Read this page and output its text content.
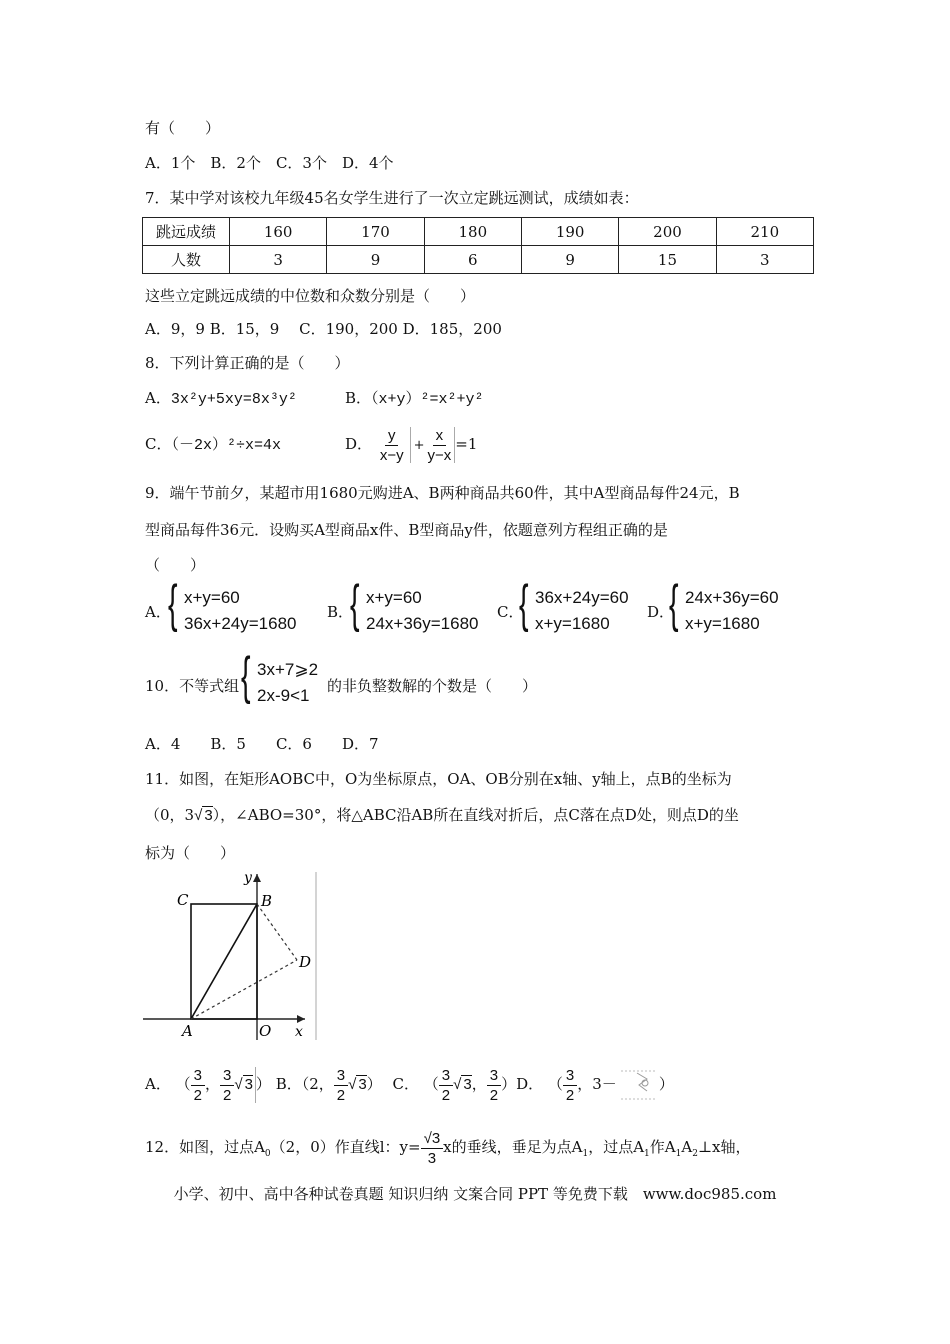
有（　　）
A．1个　B．2个　C．3个　D．4个
7．某中学对该校九年级45名女学生进行了一次立定跳远测试，成绩如表：
跳远成绩	160	170	180	190	200	210
人数	3	9	6	9	15	3
这些立定跳远成绩的中位数和众数分别是（　　）
A．9，9 B．15，9　 C．190，200 D．185，200
8．下列计算正确的是（　　）
A．3x²y+5xy=8x³y²	B．（x+y）²=x²+y²
C．（－2x）²÷x=4x	D． $\frac{y}{x-y} + \frac{x}{y-x} =1$
9．端午节前夕，某超市用1680元购进A、B两种商品共60件，其中A型商品每件24元，B
型商品每件36元．设购买A型商品x件、B型商品y件，依题意列方程组正确的是
（　　）
A．
{ x+y=60
36x+24y=1680
B．
{ x+y=60
24x+36y=1680
C．
{ 36x+24y=60
x+y=1680
D．
{ 24x+36y=60
x+y=1680
10．不等式组 { 3x+7⩾2
2x-9<1 的非负整数解的个数是（　　）
A．4　　B．5　　C．6　　D．7
11．如图，在矩形AOBC中，O为坐标原点，OA、OB分别在x轴、y轴上，点B的坐标为
（0，3√ 3），∠ABO=30°，将△ABC沿AB所在直线对折后，点C落在点D处，则点D的坐
标为（　　）
C	B
D
A	O x
y
A． （ $\frac{3}{2}$ ， $\frac{3}{2}$ √ 3 ） B．（2， $\frac{3}{2}$ √ 3） C． （ $\frac{3}{2}$ √ 3， $\frac{3}{2} )D$． （ $\frac{3}{2}$ ，3－	）
12．如图，过点$A_0(2$，0）作直线l：$y= \frac{√3}{3}$ x的垂线，垂足为点$A_1$，过点$A_1$作$A_1A_2\perp x$轴，
小学、初中、高中各种试卷真题 知识归纳 文案合同 PPT 等免费下载　www.doc985.com
